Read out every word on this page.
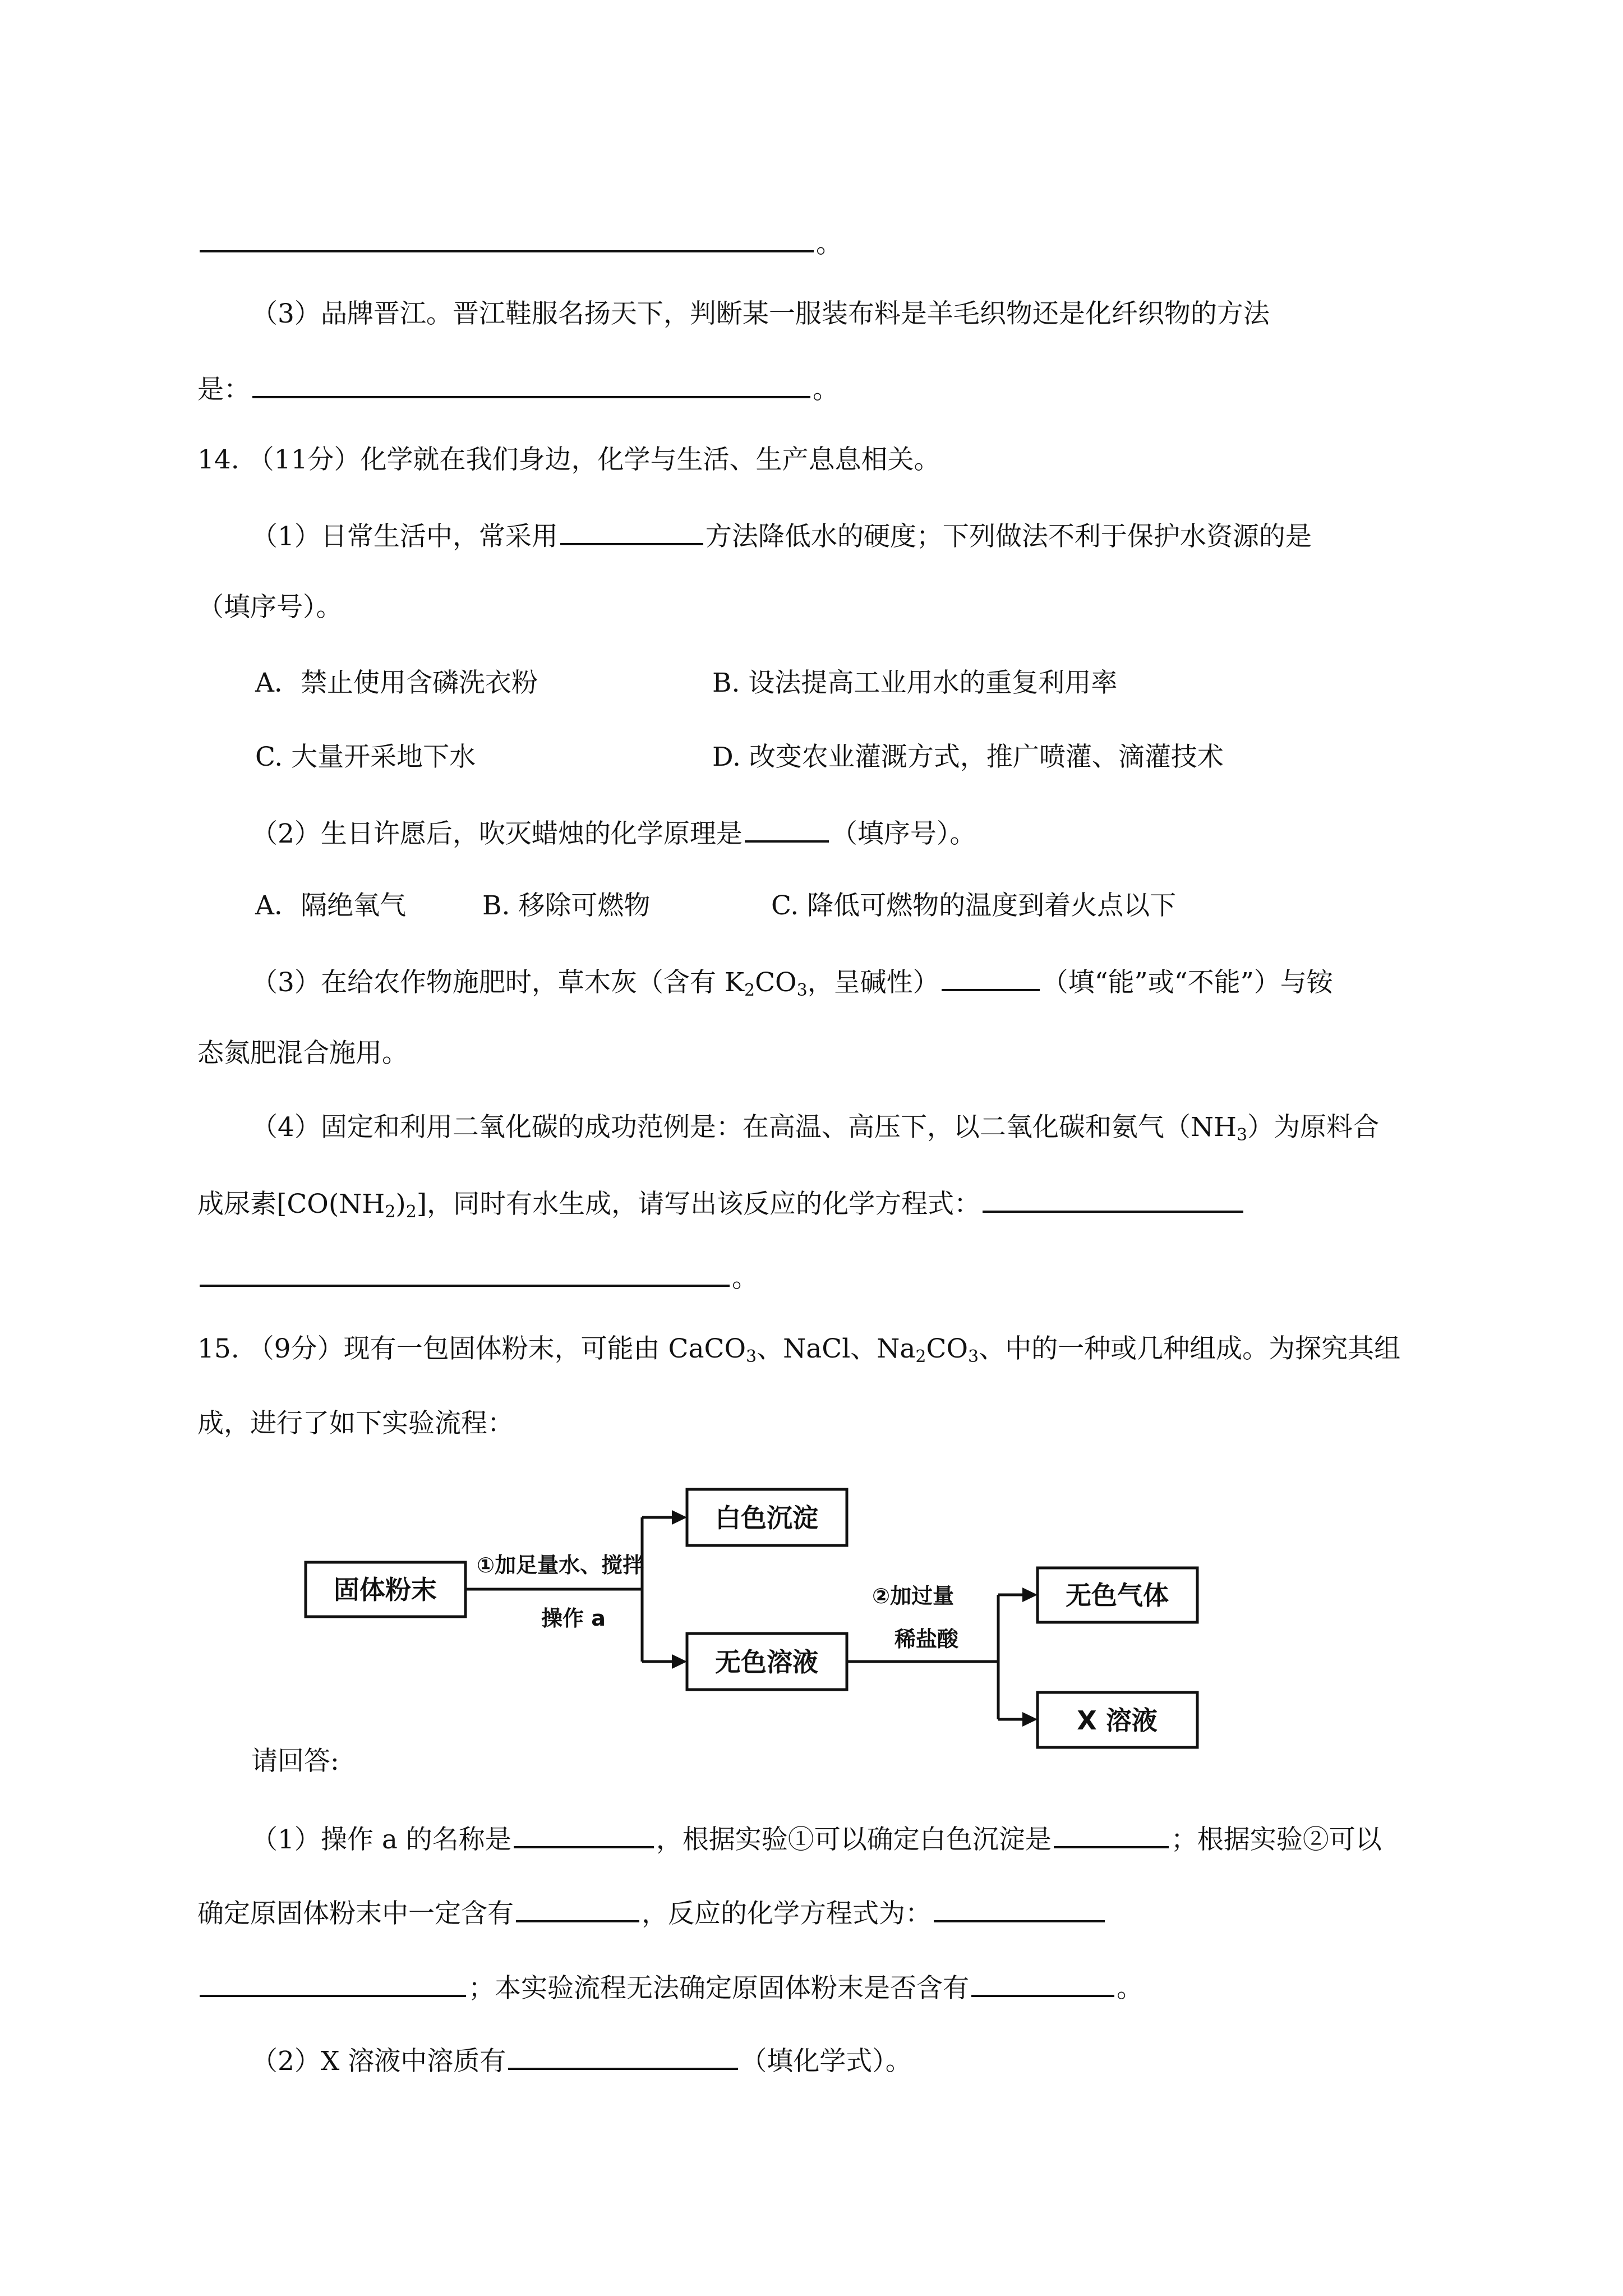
。
（3）品牌晋江。晋江鞋服名扬天下，判断某一服装布料是羊毛织物还是化纤织物的方法
是：	。
14. （11分）化学就在我们身边，化学与生活、生产息息相关。
（1）日常生活中，常采用	方法降低水的硬度；下列做法不利于保护水资源的是
（填序号）。
A．禁止使用含磷洗衣粉	B. 设法提高工业用水的重复利用率
C. 大量开采地下水	D. 改变农业灌溉方式，推广喷灌、滴灌技术
（2）生日许愿后，吹灭蜡烛的化学原理是	（填序号）。
A．隔绝氧气	B. 移除可燃物	C. 降低可燃物的温度到着火点以下
（3）在给农作物施肥时，草木灰（含有 $K_2CO_3$，呈碱性）	（填“能”或“不能”）与铵
态氮肥混合施用。
（4）固定和利用二氧化碳的成功范例是：在高温、高压下，以二氧化碳和氨气$(NH_3)$为原料合
成尿素$[CO(NH_2)_2]$，同时有水生成，请写出该反应的化学方程式：
。
15. （9分）现有一包固体粉末，可能由 CaCO$_3$、NaCl、$Na_2CO_3$、中的一种或几种组成。为探究其组
成，进行了如下实验流程：
固体粉末
白色沉淀
无色溶液
无色气体
X 溶液
①加足量水、搅拌
操作 a
②加过量
稀盐酸
请回答:
（1）操作 a 的名称是	，根据实验①可以确定白色沉淀是	；根据实验②可以
确定原固体粉末中一定含有	，反应的化学方程式为：
；本实验流程无法确定原固体粉末是否含有	。
（2）X 溶液中溶质有	（填化学式）。
